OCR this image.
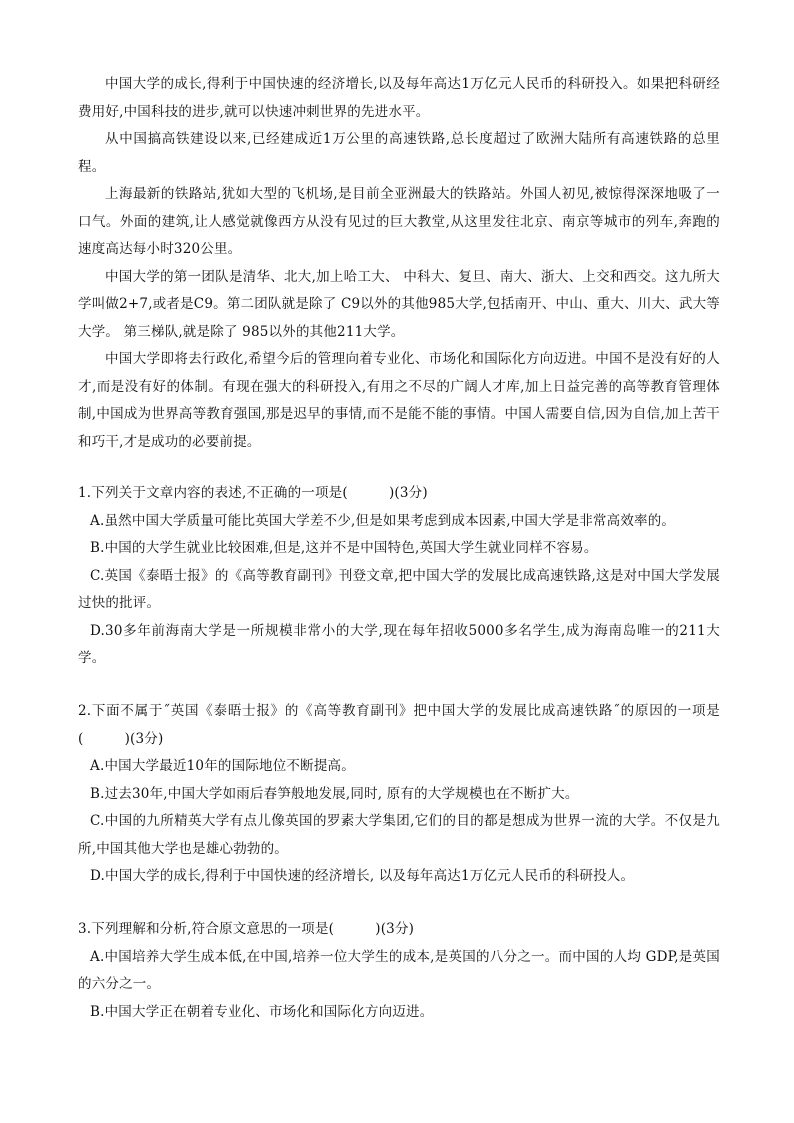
中国大学的成长,得利于中国快速的经济增长,以及每年高达1万亿元人民币的科研投入。如果把科研经费用好,中国科技的进步,就可以快速冲刺世界的先进水平。

从中国搞高铁建设以来,已经建成近1万公里的高速铁路,总长度超过了欧洲大陆所有高速铁路的总里程。

上海最新的铁路站,犹如大型的飞机场,是目前全亚洲最大的铁路站。外国人初见,被惊得深深地吸了一口气。外面的建筑,让人感觉就像西方从没有见过的巨大教堂,从这里发往北京、南京等城市的列车,奔跑的速度高达每小时320公里。

中国大学的第一团队是清华、北大,加上哈工大、 中科大、复旦、南大、浙大、上交和西交。这九所大学叫做2+7,或者是C9。第二团队就是除了 C9以外的其他985大学,包括南开、中山、重大、川大、武大等大学。 第三梯队,就是除了 985以外的其他211大学。

中国大学即将去行政化,希望今后的管理向着专业化、市场化和国际化方向迈进。中国不是没有好的人才,而是没有好的体制。有现在强大的科研投入,有用之不尽的广阔人才库,加上日益完善的高等教育管理体制,中国成为世界高等教育强国,那是迟早的事情,而不是能不能的事情。中国人需要自信,因为自信,加上苦干和巧干,才是成功的必要前提。

1.下列关于文章内容的表述,不正确的一项是(　　　)(3分)

A.虽然中国大学质量可能比英国大学差不少,但是如果考虑到成本因素,中国大学是非常高效率的。

B.中国的大学生就业比较困难,但是,这并不是中国特色,英国大学生就业同样不容易。

C.英国《泰晤士报》的《高等教育副刊》刊登文章,把中国大学的发展比成高速铁路,这是对中国大学发展过快的批评。

D.30多年前海南大学是一所规模非常小的大学,现在每年招收5000多名学生,成为海南岛唯一的211大学。

2.下面不属于˝英国《泰晤士报》的《高等教育副刊》把中国大学的发展比成高速铁路˝的原因的一项是(　　　)(3分)

A.中国大学最近10年的国际地位不断提高。

B.过去30年,中国大学如雨后春笋般地发展,同时, 原有的大学规模也在不断扩大。

C.中国的九所精英大学有点儿像英国的罗素大学集团,它们的目的都是想成为世界一流的大学。不仅是九所,中国其他大学也是雄心勃勃的。

D.中国大学的成长,得利于中国快速的经济增长, 以及每年高达1万亿元人民币的科研投人。

3.下列理解和分析,符合原文意思的一项是(　　　)(3分)

A.中国培养大学生成本低,在中国,培养一位大学生的成本,是英国的八分之一。而中国的人均 GDP,是英国的六分之一。

B.中国大学正在朝着专业化、市场化和国际化方向迈进。
